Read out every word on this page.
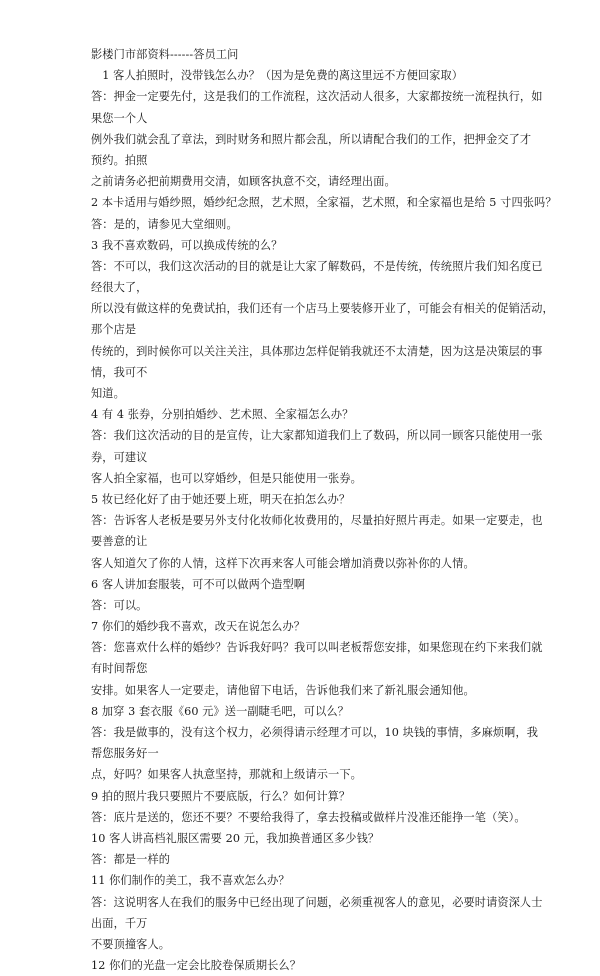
影楼门市部资料------答员工问
　1 客人拍照时，没带钱怎么办？（因为是免费的离这里远不方便回家取）
答：押金一定要先付，这是我们的工作流程，这次活动人很多，大家都按统一流程执行，如
果您一个人
例外我们就会乱了章法，到时财务和照片都会乱，所以请配合我们的工作，把押金交了才
预约。拍照
之前请务必把前期费用交清，如顾客执意不交，请经理出面。
2 本卡适用与婚纱照，婚纱纪念照，艺术照，全家福，艺术照，和全家福也是给 5 寸四张吗？
答：是的，请参见大堂细则。
3 我不喜欢数码，可以换成传统的么？
答：不可以，我们这次活动的目的就是让大家了解数码，不是传统，传统照片我们知名度已
经很大了，
所以没有做这样的免费试拍，我们还有一个店马上要装修开业了，可能会有相关的促销活动，
那个店是
传统的，到时候你可以关注关注，具体那边怎样促销我就还不太清楚，因为这是决策层的事
情，我可不
知道。
4 有 4 张券，分别拍婚纱、艺术照、全家福怎么办？
答：我们这次活动的目的是宣传，让大家都知道我们上了数码，所以同一顾客只能使用一张
券，可建议
客人拍全家福，也可以穿婚纱，但是只能使用一张券。
5 妆已经化好了由于她还要上班，明天在拍怎么办？
答：告诉客人老板是要另外支付化妆师化妆费用的，尽量拍好照片再走。如果一定要走，也
要善意的让
客人知道欠了你的人情，这样下次再来客人可能会增加消费以弥补你的人情。
6 客人讲加套服装，可不可以做两个造型啊
答：可以。
7 你们的婚纱我不喜欢，改天在说怎么办？
答：您喜欢什么样的婚纱？告诉我好吗？我可以叫老板帮您安排，如果您现在约下来我们就
有时间帮您
安排。如果客人一定要走，请他留下电话，告诉他我们来了新礼服会通知他。
8 加穿 3 套衣服《60 元》送一副睫毛吧，可以么？
答：我是做事的，没有这个权力，必须得请示经理才可以，10 块钱的事情，多麻烦啊，我
帮您服务好一
点，好吗？如果客人执意坚持，那就和上级请示一下。
9 拍的照片我只要照片不要底版，行么？如何计算？
答：底片是送的，您还不要？不要给我得了，拿去投稿或做样片没准还能挣一笔（笑）。
10 客人讲高档礼服区需要 20 元，我加换普通区多少钱？
答：都是一样的
11 你们制作的美工，我不喜欢怎么办？
答：这说明客人在我们的服务中已经出现了问题，必须重视客人的意见，必要时请资深人士
出面，千万
不要顶撞客人。
12 你们的光盘一定会比胶卷保质期长么？
